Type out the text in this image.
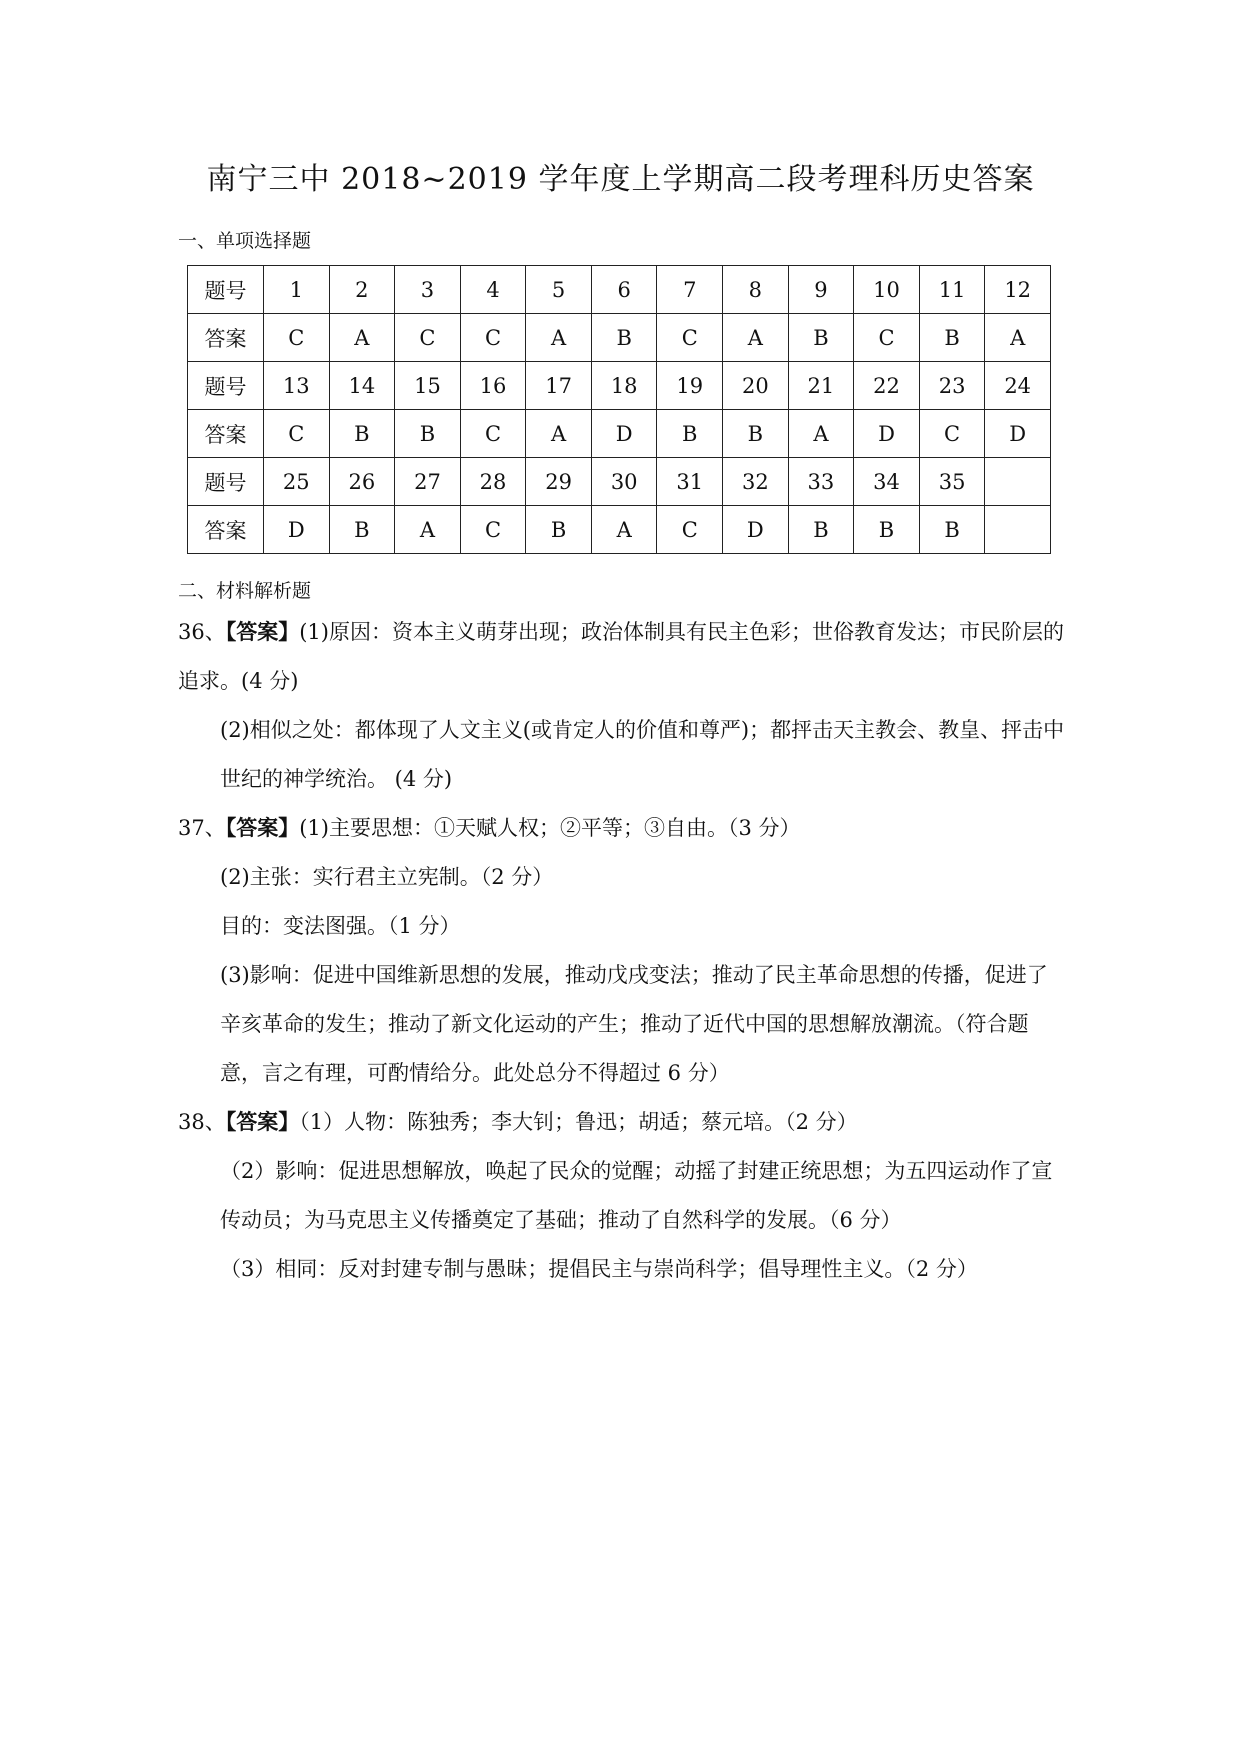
南宁三中 2018~2019 学年度上学期高二段考理科历史答案
一、单项选择题
题号	1	2	3	4	5	6	7	8	9	10	11	12
答案	C	A	C	C	A	B	C	A	B	C	B	A
题号	13	14	15	16	17	18	19	20	21	22	23	24
答案	C	B	B	C	A	D	B	B	A	D	C	D
题号	25	26	27	28	29	30	31	32	33	34	35	
答案	D	B	A	C	B	A	C	D	B	B	B	
二、材料解析题

36、【答案】(1)原因：资本主义萌芽出现；政治体制具有民主色彩；世俗教育发达；市民阶层的追求。(4 分)

(2)相似之处：都体现了人文主义(或肯定人的价值和尊严)；都抨击天主教会、教皇、抨击中世纪的神学统治。 (4 分)

37、【答案】(1)主要思想：①天赋人权；②平等；③自由。（3 分）

(2)主张：实行君主立宪制。（2 分）

目的：变法图强。（1 分）

(3)影响：促进中国维新思想的发展，推动戊戌变法；推动了民主革命思想的传播，促进了辛亥革命的发生；推动了新文化运动的产生；推动了近代中国的思想解放潮流。（符合题意，言之有理，可酌情给分。此处总分不得超过 6 分）

38、【答案】（1）人物：陈独秀；李大钊；鲁迅；胡适；蔡元培。（2 分）

（2）影响：促进思想解放，唤起了民众的觉醒；动摇了封建正统思想；为五四运动作了宣传动员；为马克思主义传播奠定了基础；推动了自然科学的发展。（6 分）

（3）相同：反对封建专制与愚昧；提倡民主与崇尚科学；倡导理性主义。（2 分）
